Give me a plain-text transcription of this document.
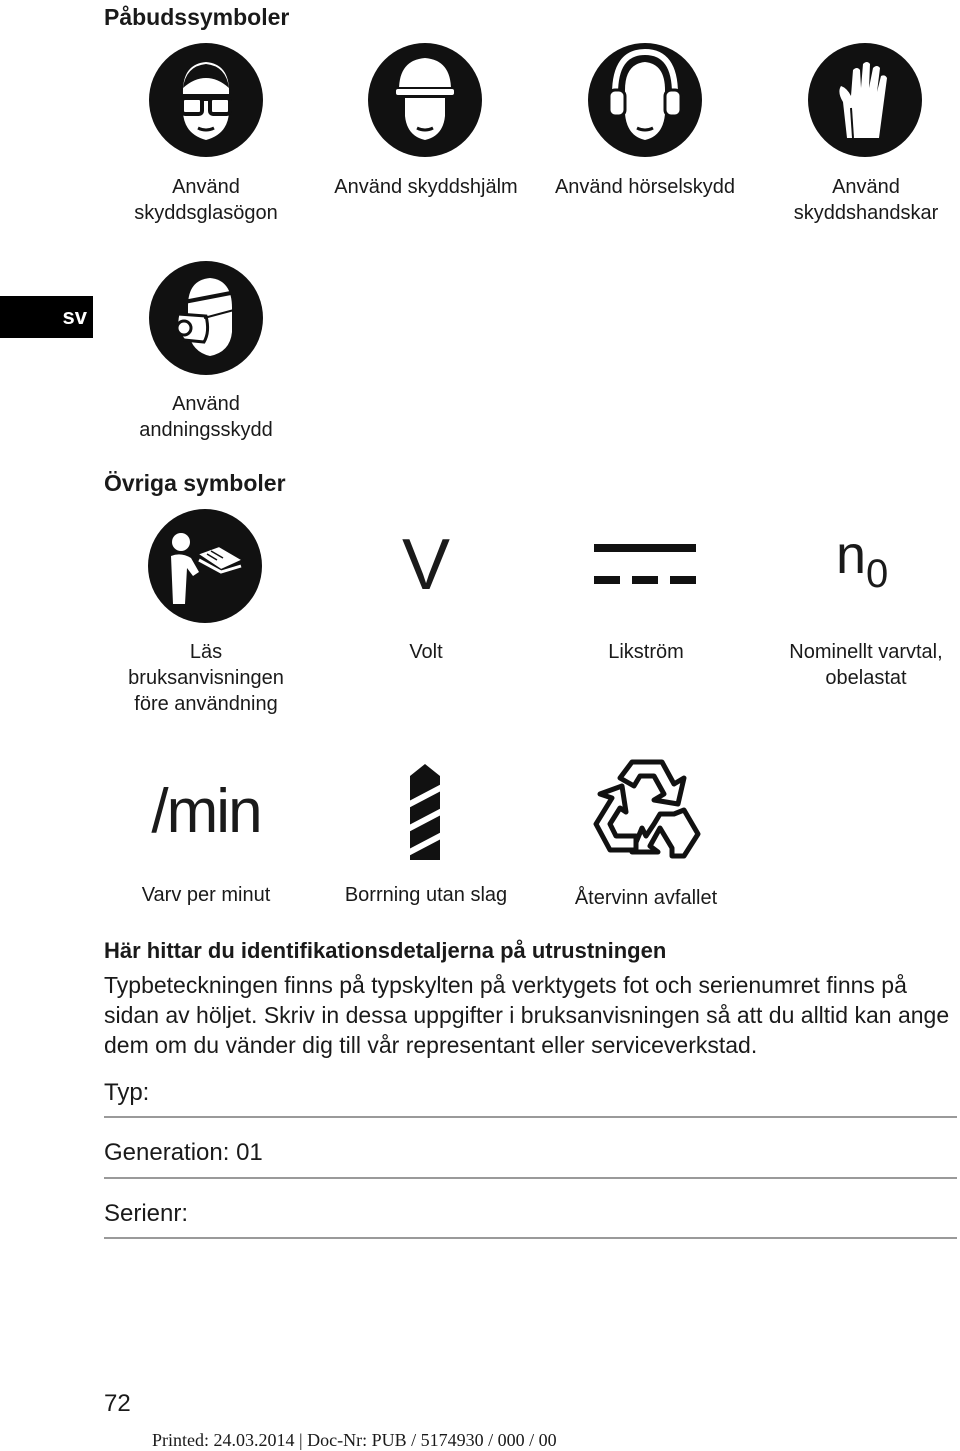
sv
Påbudssymboler
Använd
skyddsglasögon
Använd skyddshjälm	Använd hörselskydd	Använd
skyddshandskar
Använd
andningsskydd
Övriga symboler
Läs
bruksanvisningen
före användning
V
Volt	Likström
$n_0$
Nominellt varvtal,
obelastat
/min
Varv per minut	Borrning utan slag	Återvinn avfallet
Här hittar du identifikationsdetaljerna på utrustningen
Typbeteckningen finns på typskylten på verktygets fot och serienumret finns på sidan av höljet. Skriv in dessa uppgifter i bruksanvisningen så att du alltid kan ange dem om du vänder dig till vår representant eller serviceverkstad.
Typ:
Generation: 01
Serienr:
72
Printed: 24.03.2014 | Doc-Nr: PUB / 5174930 / 000 / 00
